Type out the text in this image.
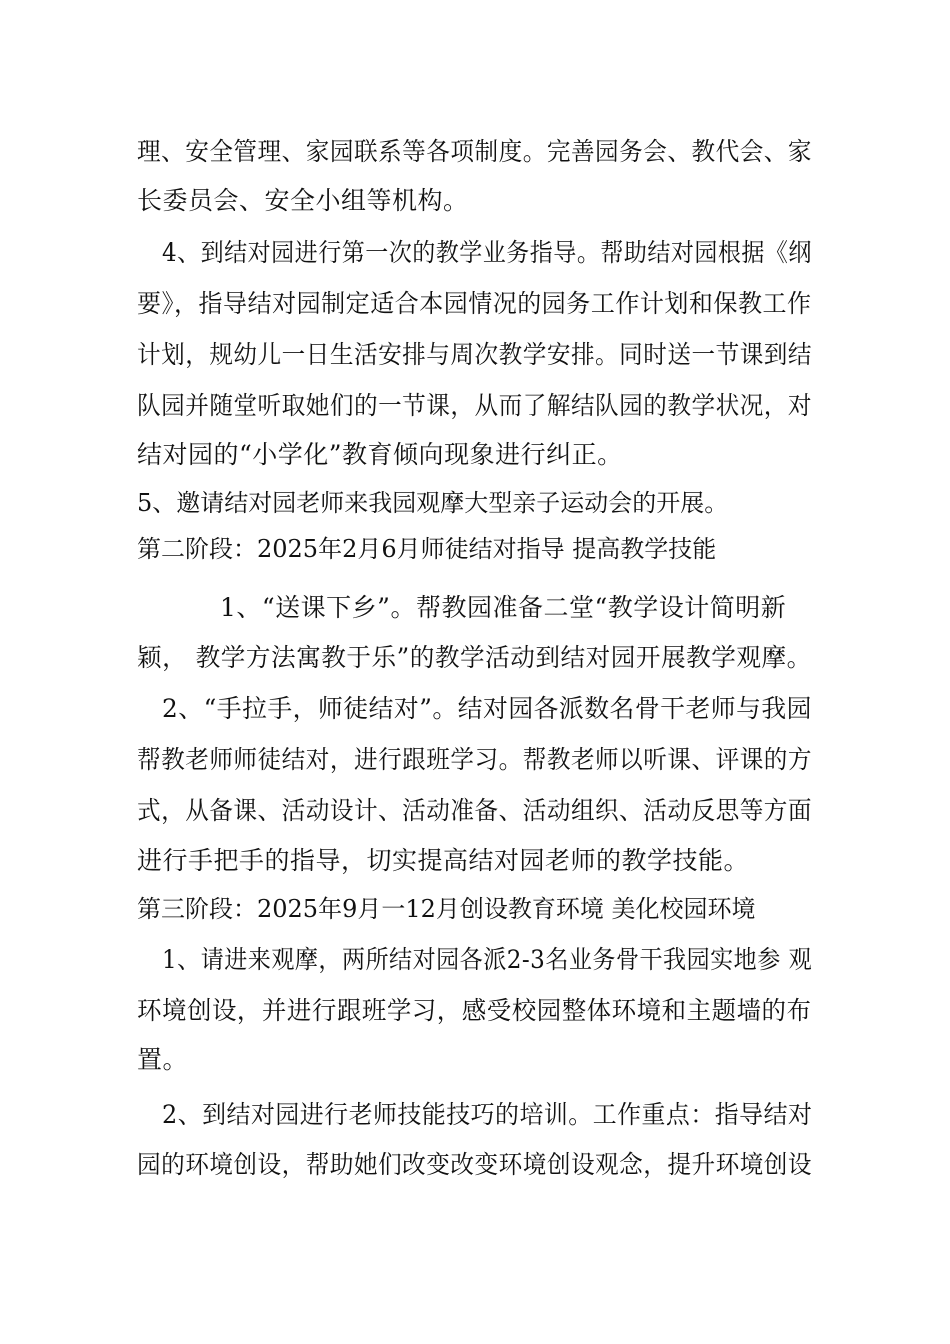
理、安全管理、家园联系等各项制度。完善园务会、教代会、家
长委员会、安全小组等机构。
4、到结对园进行第一次的教学业务指导。帮助结对园根据《纲
要》，指导结对园制定适合本园情况的园务工作计划和保教工作
计划，规幼儿一日生活安排与周次教学安排。同时送一节课到结
队园并随堂听取她们的一节课，从而了解结队园的教学状况，对
结对园的“小学化”教育倾向现象进行纠正。
5、邀请结对园老师来我园观摩大型亲子运动会的开展。
第二阶段：2025年2月6月师徒结对指导 提高教学技能
1、“送课下乡”。帮教园准备二堂“教学设计简明新
颖， 教学方法寓教于乐”的教学活动到结对园开展教学观摩。
2、“手拉手，师徒结对”。结对园各派数名骨干老师与我园
帮教老师师徒结对，进行跟班学习。帮教老师以听课、评课的方
式，从备课、活动设计、活动准备、活动组织、活动反思等方面
进行手把手的指导，切实提高结对园老师的教学技能。
第三阶段：2025年9月一12月创设教育环境 美化校园环境
1、请进来观摩，两所结对园各派2-3名业务骨干我园实地参 观
环境创设，并进行跟班学习，感受校园整体环境和主题墙的布
置。
2、到结对园进行老师技能技巧的培训。工作重点：指导结对
园的环境创设，帮助她们改变改变环境创设观念，提升环境创设
